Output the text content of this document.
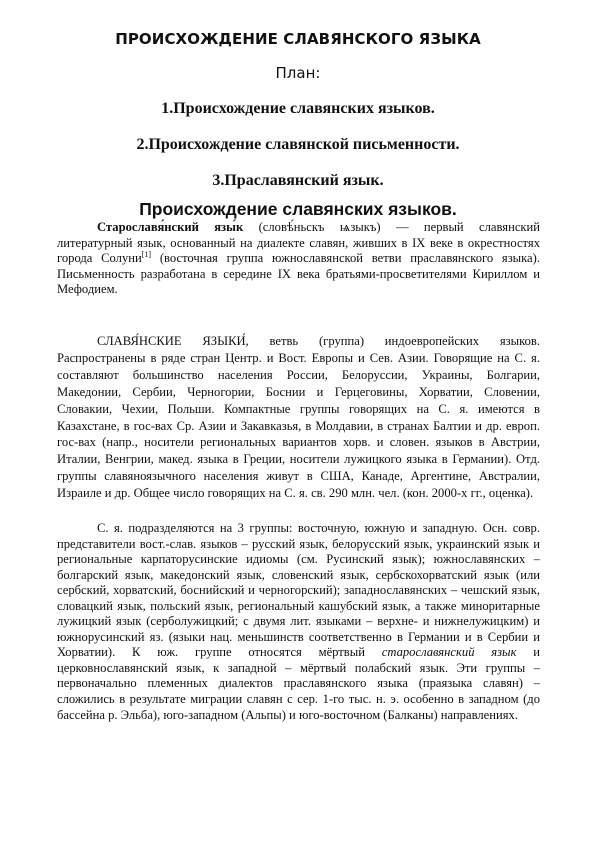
ПРОИСХОЖДЕНИЕ СЛАВЯНСКОГО ЯЗЫКА
План:
1.Происхождение славянских языков.
2.Происхождение славянской письменности.
3.Праславянский язык.
Происхождение славянских языков.
Старославя́нский язы́к (словѣ́ньскъ ѩзыкъ) — первый славянский литературный язык, основанный на диалекте славян, живших в IX веке в окрестностях города Солуни[1] (восточная группа южнославянской ветви праславянского языка). Письменность разработана в середине IX века братьями-просветителями Кириллом и Мефодием.
СЛАВЯ́НСКИЕ ЯЗЫКИ́, ветвь (группа) индоевропейских языков. Распространены в ряде стран Центр. и Вост. Европы и Сев. Азии. Говорящие на С. я. составляют большинство населения России, Белоруссии, Украины, Болгарии, Македонии, Сербии, Черногории, Боснии и Герцеговины, Хорватии, Словении, Словакии, Чехии, Польши. Компактные группы говорящих на С. я. имеются в Казахстане, в гос-вах Ср. Азии и Закавказья, в Молдавии, в странах Балтии и др. европ. гос-вах (напр., носители региональных вариантов хорв. и словен. языков в Австрии, Италии, Венгрии, макед. языка в Греции, носители лужицкого языка в Германии). Отд. группы славяноязычного населения живут в США, Канаде, Аргентине, Австралии, Израиле и др. Общее число говорящих на С. я. св. 290 млн. чел. (кон. 2000-х гг., оценка).
С. я. подразделяются на 3 группы: восточную, южную и западную. Осн. совр. представители вост.-слав. языков – русский язык, белорусский язык, украинский язык и региональные карпаторусинские идиомы (см. Русинский язык); южнославянских – болгарский язык, македонский язык, словенский язык, сербскохорватский язык (или сербский, хорватский, боснийский и черногорский); западнославянских – чешский язык, словацкий язык, польский язык, региональный кашубский язык, а также миноритарные лужицкий язык (серболужицкий; с двумя лит. языками – верхне- и нижнелужицким) и южнорусинский яз. (языки нац. меньшинств соответственно в Германии и в Сербии и Хорватии). К юж. группе относятся мёртвый старославянский язык и церковнославянский язык, к западной – мёртвый полабский язык. Эти группы – первоначально племенных диалектов праславянского языка (праязыка славян) – сложились в результате миграции славян с сер. 1-го тыс. н. э. особенно в западном (до бассейна р. Эльба), юго-западном (Альпы) и юго-восточном (Балканы) направлениях.
